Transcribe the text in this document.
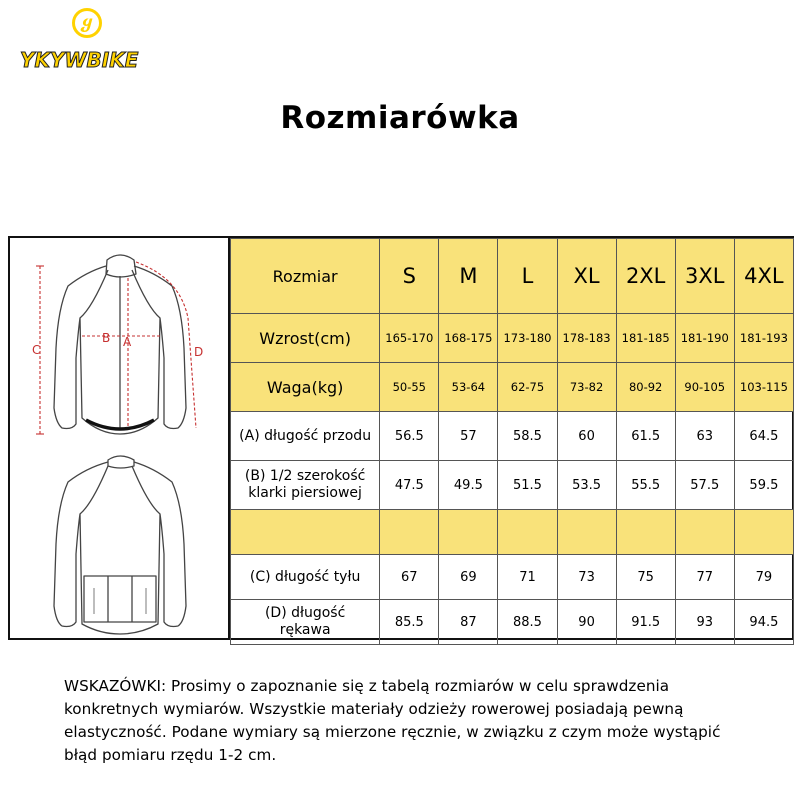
ყ
YKYWBIKE
Rozmiarówka
C
B A
D
Rozmiar	S	M	L	XL	2XL	3XL	4XL
Wzrost(cm)	165-170	168-175	173-180	178-183	181-185	181-190	181-193
Waga(kg)	50-55	53-64	62-75	73-82	80-92	90-105	103-115
(A) długość przodu	56.5	57	58.5	60	61.5	63	64.5

(B) 1/2 szerokość
klarki piersiowej	47.5	49.5	51.5	53.5	55.5	57.5	59.5

(C) długość tyłu	67	69	71	73	75	77	79

(D) długość
rękawa	85.5	87	88.5	90	91.5	93	94.5
WSKAZÓWKI: Prosimy o zapoznanie się z tabelą rozmiarów w celu sprawdzenia konkretnych wymiarów. Wszystkie materiały odzieży rowerowej posiadają pewną elastyczność. Podane wymiary są mierzone ręcznie, w związku z czym może wystąpić błąd pomiaru rzędu 1-2 cm.
